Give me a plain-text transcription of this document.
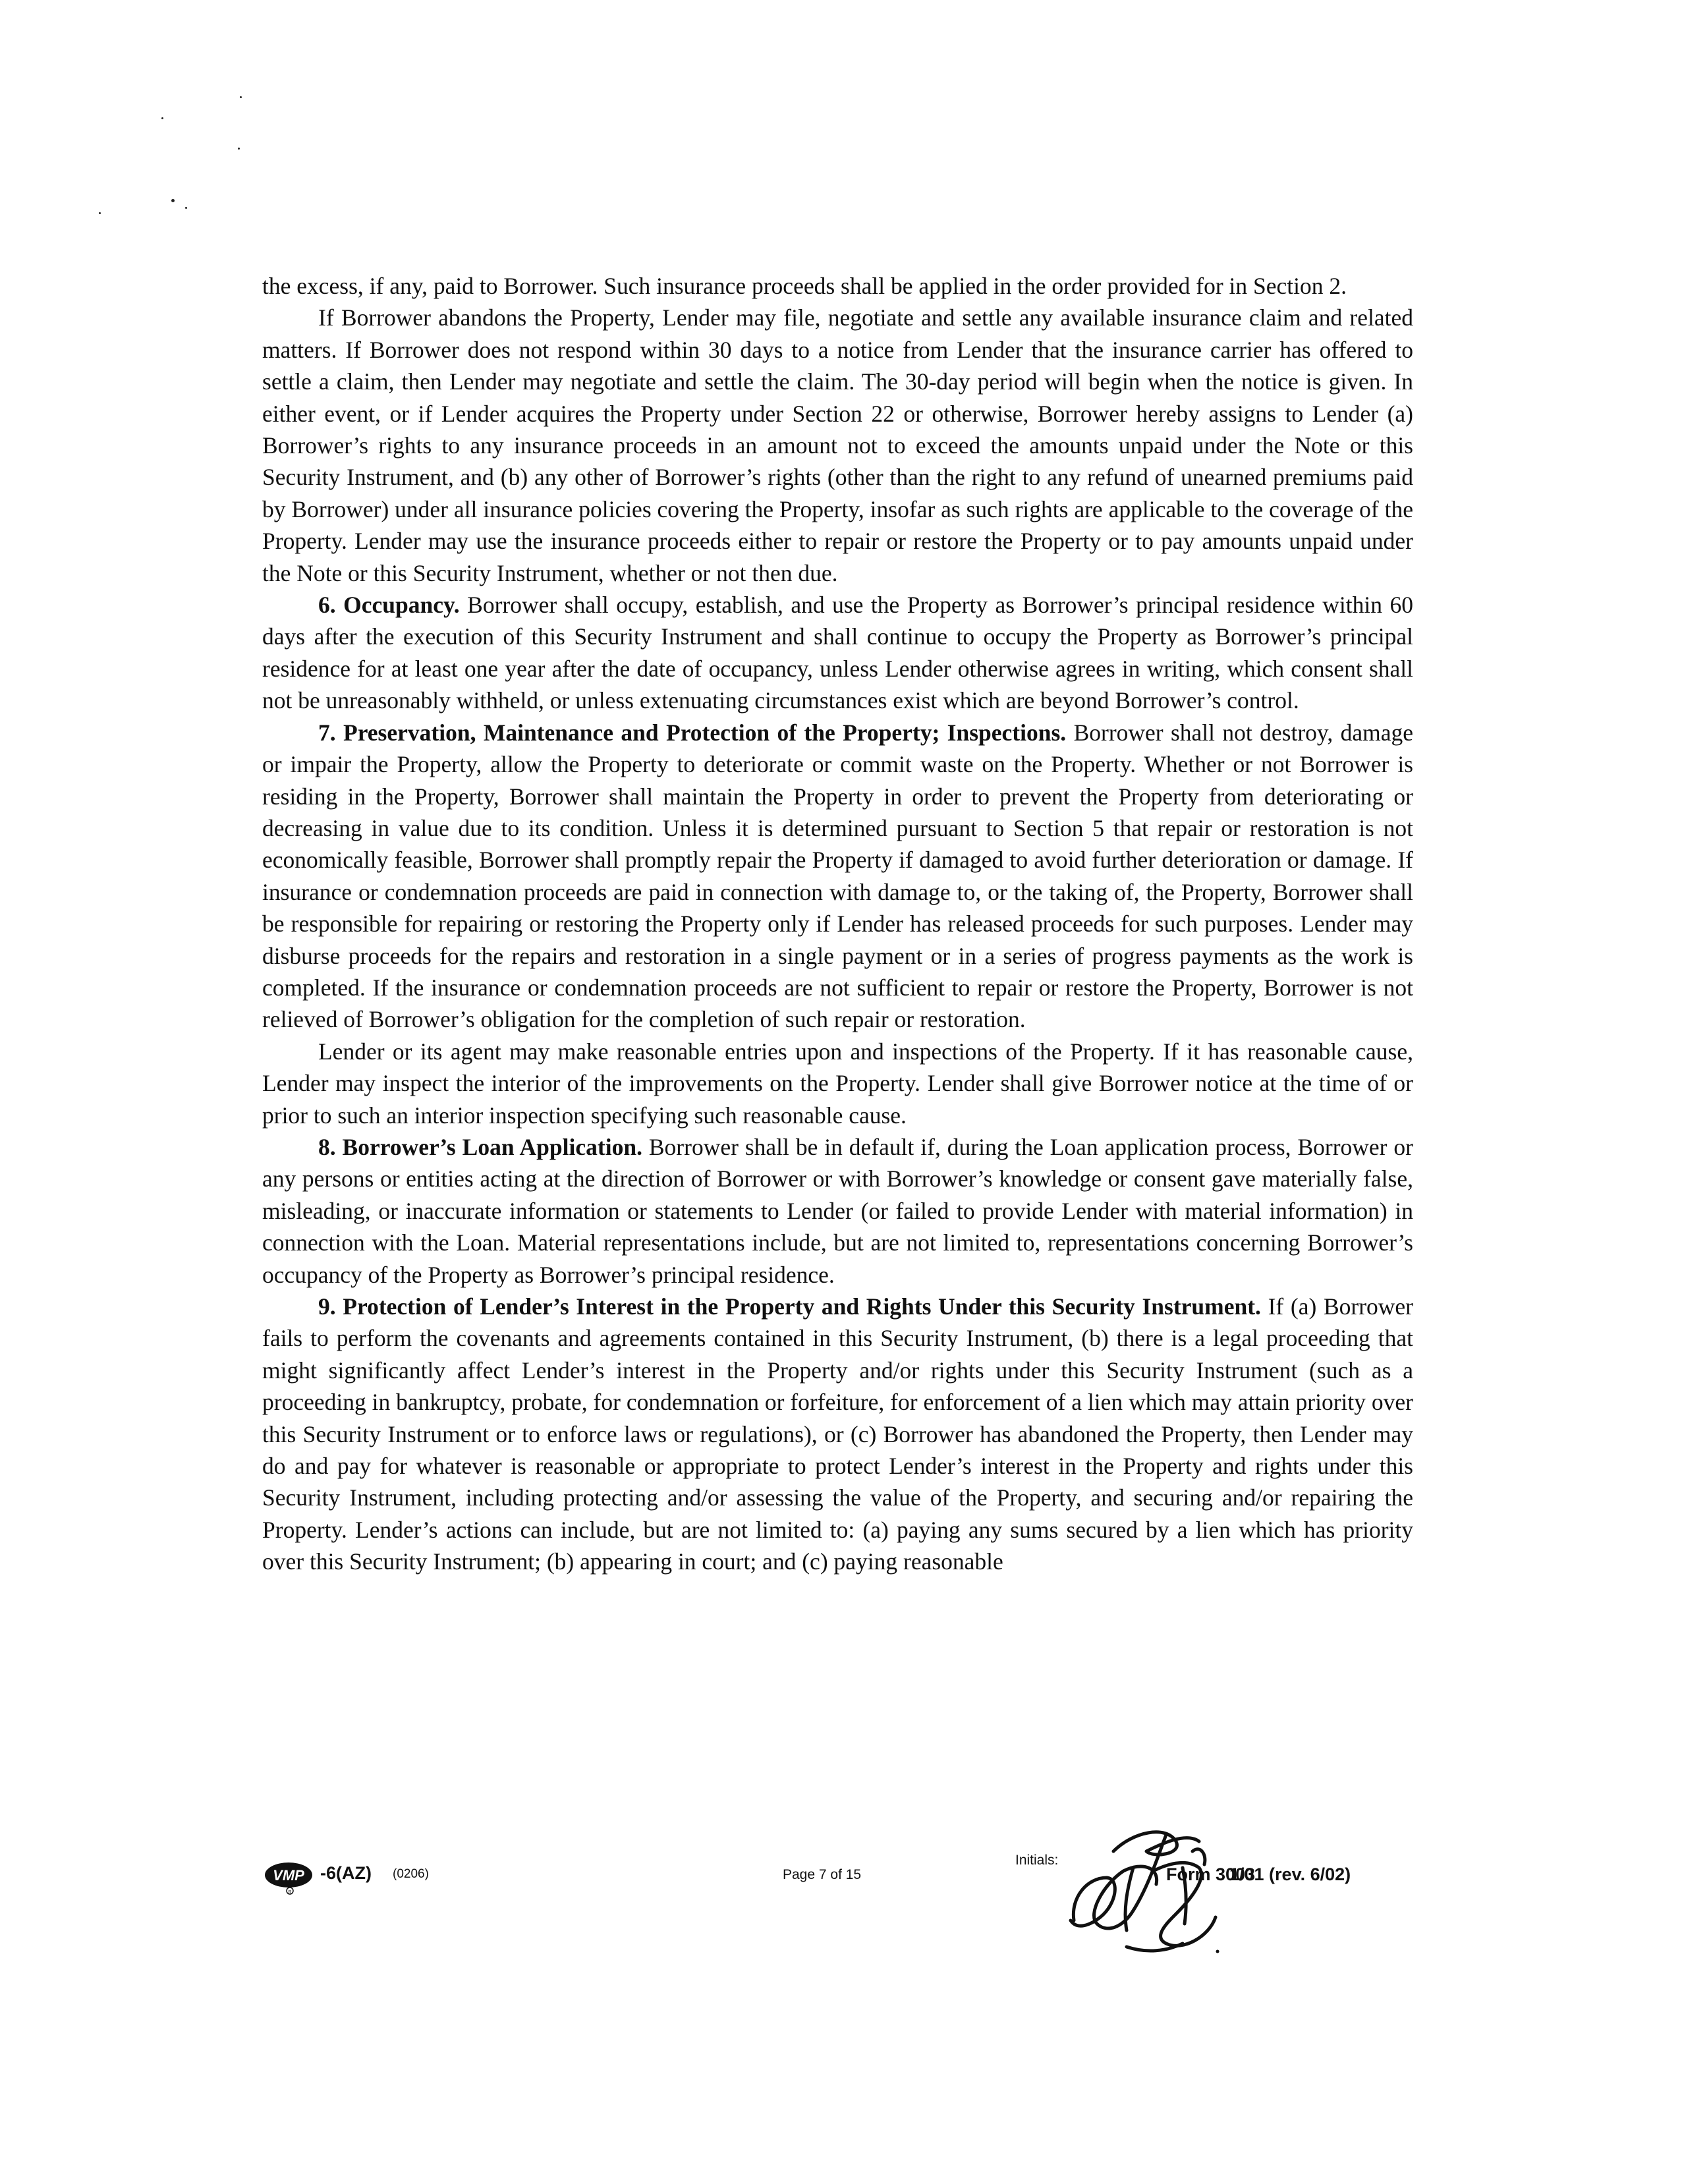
the excess, if any, paid to Borrower. Such insurance proceeds shall be applied in the order provided for in Section 2.

If Borrower abandons the Property, Lender may file, negotiate and settle any available insurance claim and related matters. If Borrower does not respond within 30 days to a notice from Lender that the insurance carrier has offered to settle a claim, then Lender may negotiate and settle the claim. The 30-day period will begin when the notice is given. In either event, or if Lender acquires the Property under Section 22 or otherwise, Borrower hereby assigns to Lender (a) Borrower’s rights to any insurance proceeds in an amount not to exceed the amounts unpaid under the Note or this Security Instrument, and (b) any other of Borrower’s rights (other than the right to any refund of unearned premiums paid by Borrower) under all insurance policies covering the Property, insofar as such rights are applicable to the coverage of the Property. Lender may use the insurance proceeds either to repair or restore the Property or to pay amounts unpaid under the Note or this Security Instrument, whether or not then due.

6. Occupancy. Borrower shall occupy, establish, and use the Property as Borrower’s principal residence within 60 days after the execution of this Security Instrument and shall continue to occupy the Property as Borrower’s principal residence for at least one year after the date of occupancy, unless Lender otherwise agrees in writing, which consent shall not be unreasonably withheld, or unless extenuating circumstances exist which are beyond Borrower’s control.

7. Preservation, Maintenance and Protection of the Property; Inspections. Borrower shall not destroy, damage or impair the Property, allow the Property to deteriorate or commit waste on the Property. Whether or not Borrower is residing in the Property, Borrower shall maintain the Property in order to prevent the Property from deteriorating or decreasing in value due to its condition. Unless it is determined pursuant to Section 5 that repair or restoration is not economically feasible, Borrower shall promptly repair the Property if damaged to avoid further deterioration or damage. If insurance or condemnation proceeds are paid in connection with damage to, or the taking of, the Property, Borrower shall be responsible for repairing or restoring the Property only if Lender has released proceeds for such purposes. Lender may disburse proceeds for the repairs and restoration in a single payment or in a series of progress payments as the work is completed. If the insurance or condemnation proceeds are not sufficient to repair or restore the Property, Borrower is not relieved of Borrower’s obligation for the completion of such repair or restoration.

Lender or its agent may make reasonable entries upon and inspections of the Property. If it has reasonable cause, Lender may inspect the interior of the improvements on the Property. Lender shall give Borrower notice at the time of or prior to such an interior inspection specifying such reasonable cause.

8. Borrower’s Loan Application. Borrower shall be in default if, during the Loan application process, Borrower or any persons or entities acting at the direction of Borrower or with Borrower’s knowledge or consent gave materially false, misleading, or inaccurate information or statements to Lender (or failed to provide Lender with material information) in connection with the Loan. Material representations include, but are not limited to, representations concerning Borrower’s occupancy of the Property as Borrower’s principal residence.

9. Protection of Lender’s Interest in the Property and Rights Under this Security Instrument. If (a) Borrower fails to perform the covenants and agreements contained in this Security Instrument, (b) there is a legal proceeding that might significantly affect Lender’s interest in the Property and/or rights under this Security Instrument (such as a proceeding in bankruptcy, probate, for condemnation or forfeiture, for enforcement of a lien which may attain priority over this Security Instrument or to enforce laws or regulations), or (c) Borrower has abandoned the Property, then Lender may do and pay for whatever is reasonable or appropriate to protect Lender’s interest in the Property and rights under this Security Instrument, including protecting and/or assessing the value of the Property, and securing and/or repairing the Property. Lender’s actions can include, but are not limited to: (a) paying any sums secured by a lien which has priority over this Security Instrument; (b) appearing in court; and (c) paying reasonable

VMP
R
-6(AZ) (0206)	Page 7 of 15
Initials:
Form 3003
1/01 (rev. 6/02)
